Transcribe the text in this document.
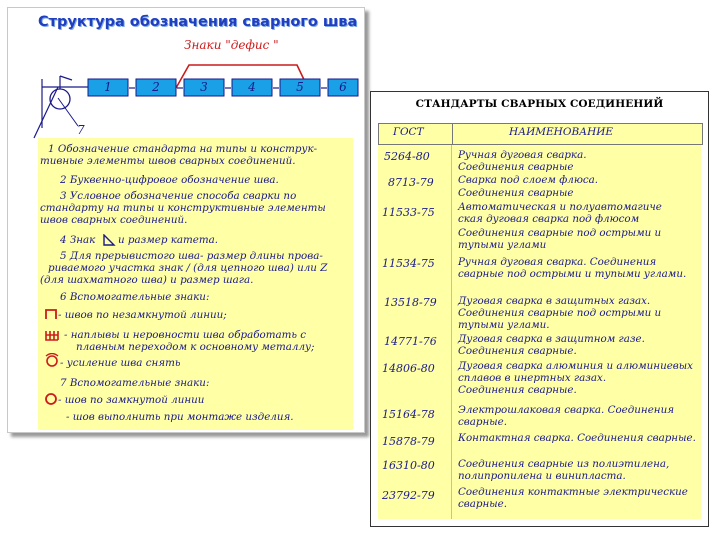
Структура обозначения сварного шва
Знаки "дефис "
1	2	3	4	5	6
7
1 Обозначение стандарта на типы и конструк-
тивные элементы швов сварных соединений.
2 Буквенно-цифровое обозначение шва.
3 Условное обозначение способа сварки по
стандарту на типы и конструктивные элементы
швов сварных соединений.
4 Знак и размер катета.
5 Для прерывистого шва- размер длины прова-
риваемого участка знак / (для цепного шва) или Z
(для шахматного шва) и размер шага.
6 Вспомогательные знаки:
- швов по незамкнутой линии;
- наплывы и неровности шва обработать с
плавным переходом к основному металлу;
- усиление шва снять
7 Вспомогательные знаки:
- шов по замкнутой линии
- шов выполнить при монтаже изделия.
СТАНДАРТЫ СВАРНЫХ СОЕДИНЕНИЙ
ГОСТ	НАИМЕНОВАНИЕ
5264-80	Ручная дуговая сварка.
Соединения сварные
8713-79 Сварка под слоем флюса.
Соединения сварные
11533-75 Автоматическая и полуавтомагиче
ская дуговая сварка под флюсом
Соединения сварные под острыми и
тупыми углами
11534-75 Ручная дуговая сварка. Соединения
сварные под острыми и тупыми углами.
13518-79 Дуговая сварка в защитных газах.
Соединения сварные под острыми и
тупыми углами.
14771-76 Дуговая сварка в защитном газе.
Соединения сварные.
14806-80 Дуговая сварка алюминия и алюминиевых
сплавов в инертных газах.
Соединения сварные.
15164-78 Электрошлаковая сварка. Соединения
сварные.
15878-79 Контактная сварка. Соединения сварные.
16310-80 Соединения сварные из полиэтилена,
полипропилена и винипласта.
23792-79 Соединения контактные электрические
сварные.
